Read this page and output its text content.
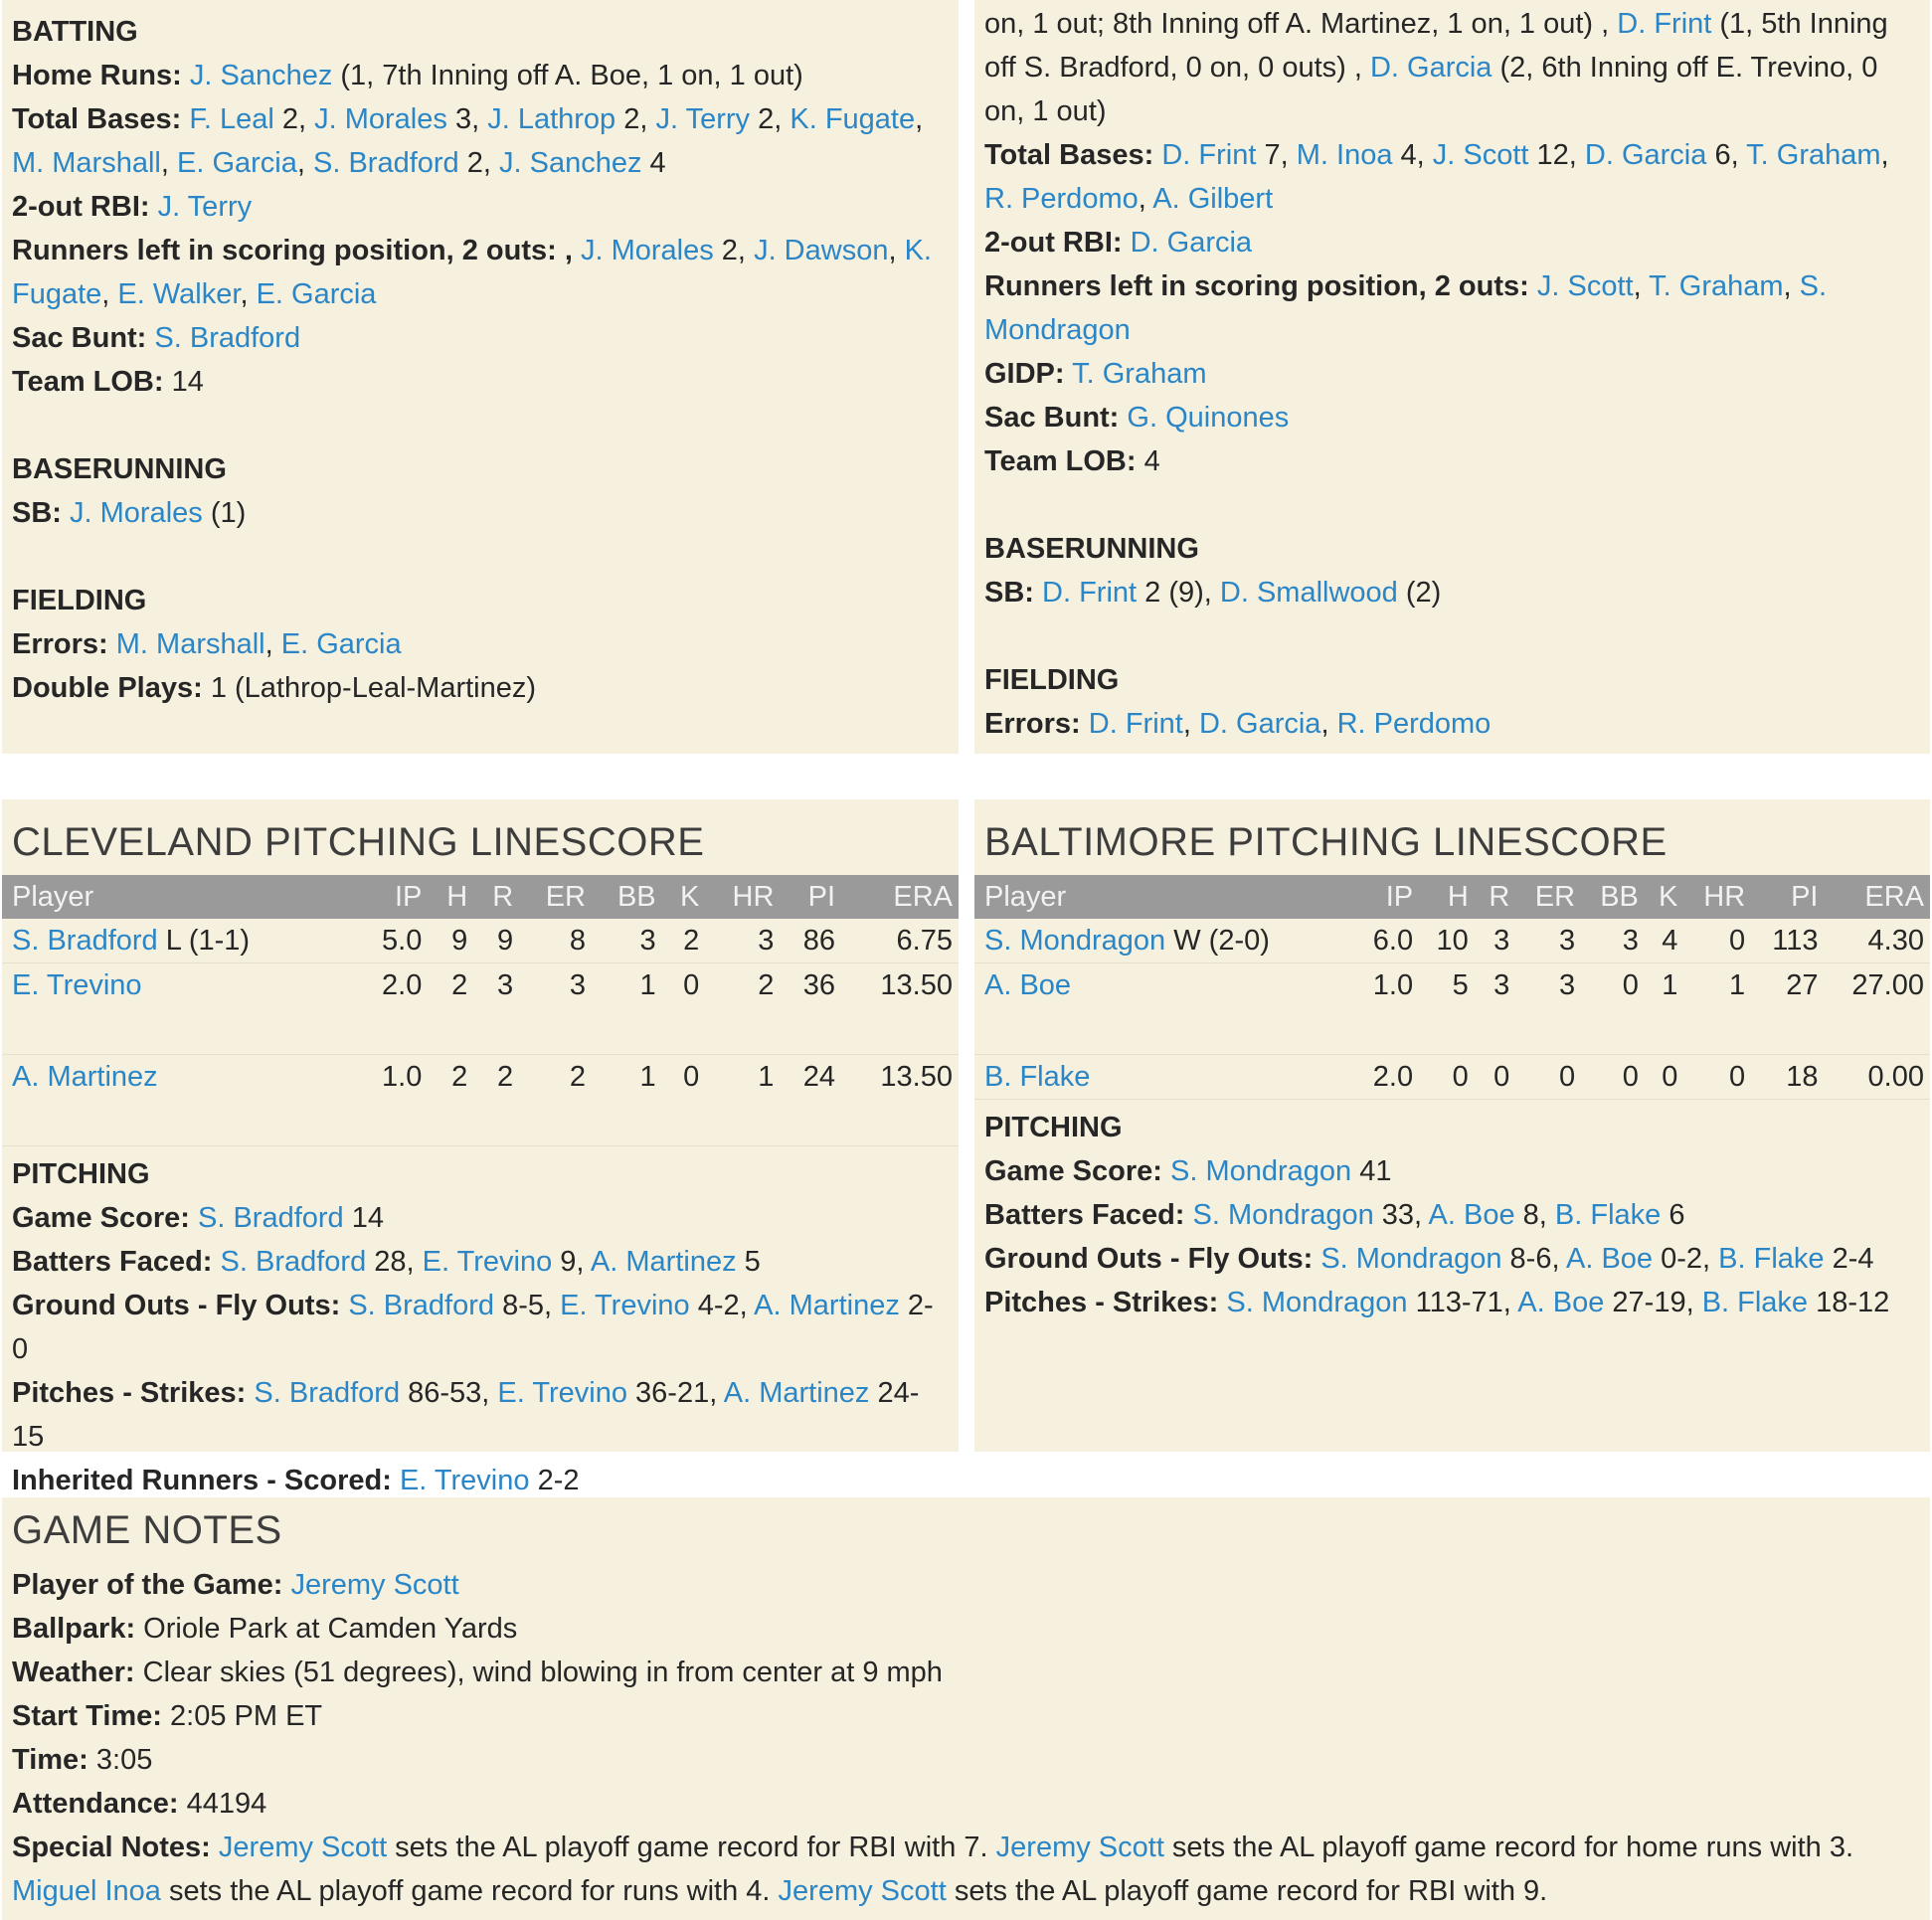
BATTING
Home Runs: J. Sanchez (1, 7th Inning off A. Boe, 1 on, 1 out)
Total Bases: F. Leal 2, J. Morales 3, J. Lathrop 2, J. Terry 2, K. Fugate, M. Marshall, E. Garcia, S. Bradford 2, J. Sanchez 4
2-out RBI: J. Terry
Runners left in scoring position, 2 outs: , J. Morales 2, J. Dawson, K. Fugate, E. Walker, E. Garcia
Sac Bunt: S. Bradford
Team LOB: 14
BASERUNNING
SB: J. Morales (1)
FIELDING
Errors: M. Marshall, E. Garcia
Double Plays: 1 (Lathrop-Leal-Martinez)
on, 1 out; 8th Inning off A. Martinez, 1 on, 1 out) , D. Frint (1, 5th Inning off S. Bradford, 0 on, 0 outs) , D. Garcia (2, 6th Inning off E. Trevino, 0 on, 1 out)
Total Bases: D. Frint 7, M. Inoa 4, J. Scott 12, D. Garcia 6, T. Graham, R. Perdomo, A. Gilbert
2-out RBI: D. Garcia
Runners left in scoring position, 2 outs: J. Scott, T. Graham, S. Mondragon
GIDP: T. Graham
Sac Bunt: G. Quinones
Team LOB: 4
BASERUNNING
SB: D. Frint 2 (9), D. Smallwood (2)
FIELDING
Errors: D. Frint, D. Garcia, R. Perdomo
CLEVELAND PITCHING LINESCORE
Player	IP	H	R	ER	BB	K	HR	PI	ERA
S. Bradford L (1-1)	5.0	9	9	8	3	2	3	86	6.75
E. Trevino	2.0	2	3	3	1	0	2	36	13.50
A. Martinez	1.0	2	2	2	1	0	1	24	13.50
PITCHING
Game Score: S. Bradford 14
Batters Faced: S. Bradford 28, E. Trevino 9, A. Martinez 5
Ground Outs - Fly Outs: S. Bradford 8-5, E. Trevino 4-2, A. Martinez 2-0
Pitches - Strikes: S. Bradford 86-53, E. Trevino 36-21, A. Martinez 24-15
Inherited Runners - Scored: E. Trevino 2-2
BALTIMORE PITCHING LINESCORE
Player	IP	H	R	ER	BB	K	HR	PI	ERA
S. Mondragon W (2-0)	6.0	10	3	3	3	4	0	113	4.30
A. Boe	1.0	5	3	3	0	1	1	27	27.00
B. Flake	2.0	0	0	0	0	0	0	18	0.00
PITCHING
Game Score: S. Mondragon 41
Batters Faced: S. Mondragon 33, A. Boe 8, B. Flake 6
Ground Outs - Fly Outs: S. Mondragon 8-6, A. Boe 0-2, B. Flake 2-4
Pitches - Strikes: S. Mondragon 113-71, A. Boe 27-19, B. Flake 18-12
GAME NOTES
Player of the Game: Jeremy Scott
Ballpark: Oriole Park at Camden Yards
Weather: Clear skies (51 degrees), wind blowing in from center at 9 mph
Start Time: 2:05 PM ET
Time: 3:05
Attendance: 44194
Special Notes: Jeremy Scott sets the AL playoff game record for RBI with 7. Jeremy Scott sets the AL playoff game record for home runs with 3. Miguel Inoa sets the AL playoff game record for runs with 4. Jeremy Scott sets the AL playoff game record for RBI with 9.
